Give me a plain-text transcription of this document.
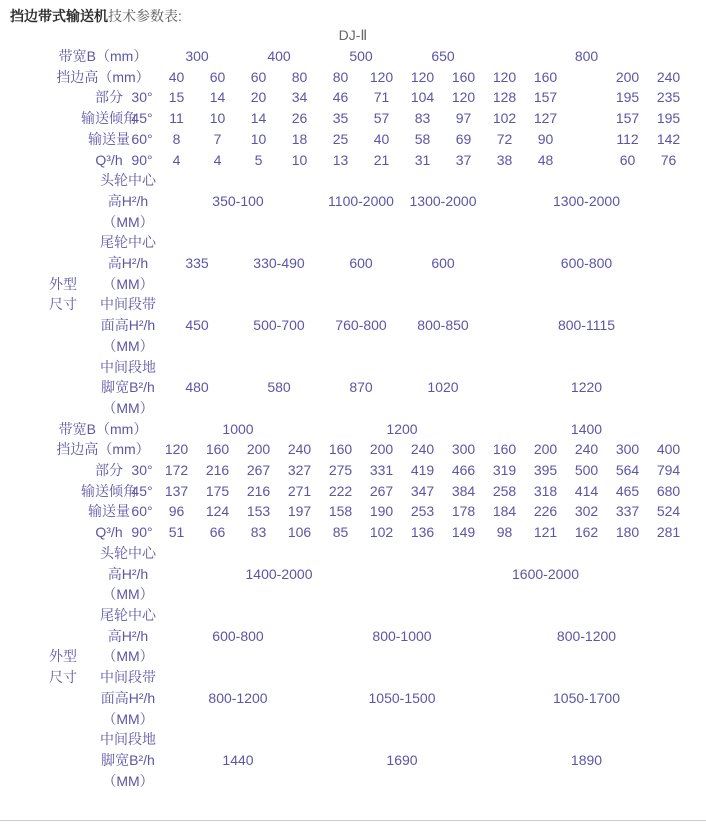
挡边带式输送机技术参数表:
DJ-Ⅱ
带宽B（mm）		300		400		500		650		800				
挡边高（mm）		40	60	60	80	80	120	120	160	120	160		200	240
部分	30°	15	14	20	34	46	71	104	120	128	157		195	235
输送倾角	45°	11	10	14	26	35	57	83	97	102	127		157	195
输送量	60°	8	7	10	18	25	40	58	69	72	90		112	142
Q³/h	90°	4	4	5	10	13	21	31	37	38	48		60	76
	头轮中心													
	高H²/h	350-100				1100-2000		1300-2000		1300-2000				
	（MM）													
	尾轮中心													
	高H²/h	335		330-490		600		600		600-800				
外型	（MM）													
尺寸	中间段带													
	面高H²/h	450		500-700		760-800		800-850		800-1115				
	（MM）													
	中间段地													
	脚宽B²/h	480		580		870		1020		1220				
	（MM）													
带宽B（mm）		1000				1200				1400				
挡边高（mm）		120	160	200	240	160	200	240	300	160	200	240	300	400
部分	30°	172	216	267	327	275	331	419	466	319	395	500	564	794
输送倾角	45°	137	175	216	271	222	267	347	384	258	318	414	465	680
输送量	60°	96	124	153	197	158	190	253	178	184	226	302	337	524
Q³/h	90°	51	66	83	106	85	102	136	149	98	121	162	180	281
	头轮中心													
	高H²/h	1400-2000						1600-2000						
	（MM）													
	尾轮中心													
	高H²/h	600-800				800-1000				800-1200				
外型	（MM）													
尺寸	中间段带													
	面高H²/h	800-1200				1050-1500				1050-1700				
	（MM）													
	中间段地													
	脚宽B²/h	1440				1690				1890				
	（MM）													
